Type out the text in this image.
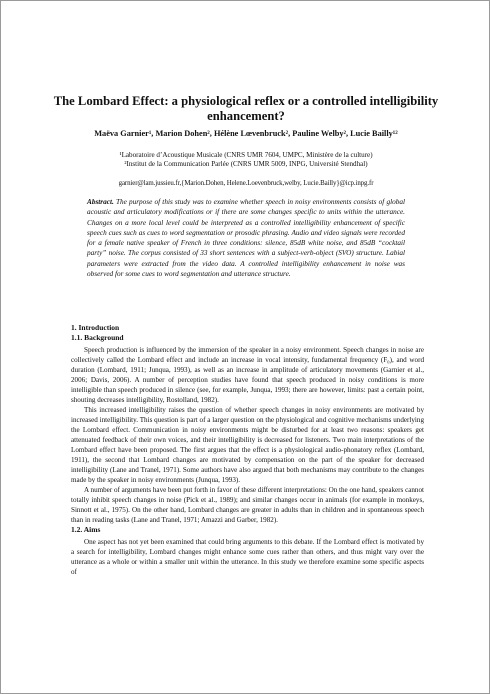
The Lombard Effect: a physiological reflex or a controlled intelligibility enhancement?
Maëva Garnier¹, Marion Dohen², Hélène Lœvenbruck², Pauline Welby², Lucie Bailly¹²
¹Laboratoire d’Acoustique Musicale (CNRS UMR 7604, UMPC, Ministère de la culture)
²Institut de la Communication Parlée (CNRS UMR 5009, INPG, Université Stendhal)
garnier@lam.jussieu.fr,{Marion.Dohen, Helene.Loevenbruck,welby, Lucie.Bailly}@icp.inpg.fr
Abstract. The purpose of this study was to examine whether speech in noisy environments consists of global acoustic and articulatory modifications or if there are some changes specific to units within the utterance. Changes on a more local level could be interpreted as a controlled intelligibility enhancement of specific speech cues such as cues to word segmentation or prosodic phrasing. Audio and video signals were recorded for a female native speaker of French in three conditions: silence, 85dB white noise, and 85dB “cocktail party” noise. The corpus consisted of 33 short sentences with a subject-verb-object (SVO) structure. Labial parameters were extracted from the video data. A controlled intelligibility enhancement in noise was observed for some cues to word segmentation and utterance structure.
1. Introduction
1.1. Background

Speech production is influenced by the immersion of the speaker in a noisy environment. Speech changes in noise are collectively called the Lombard effect and include an increase in vocal intensity, fundamental frequency (F₀), and word duration (Lombard, 1911; Junqua, 1993), as well as an increase in amplitude of articulatory movements (Garnier et al., 2006; Davis, 2006). A number of perception studies have found that speech produced in noisy conditions is more intelligible than speech produced in silence (see, for example, Junqua, 1993; there are however, limits: past a certain point, shouting decreases intelligibility, Rostolland, 1982).

This increased intelligibility raises the question of whether speech changes in noisy environments are motivated by increased intelligibility. This question is part of a larger question on the physiological and cognitive mechanisms underlying the Lombard effect. Communication in noisy environments might be disturbed for at least two reasons: speakers get attenuated feedback of their own voices, and their intelligibility is decreased for listeners. Two main interpretations of the Lombard effect have been proposed. The first argues that the effect is a physiological audio-phonatory reflex (Lombard, 1911), the second that Lombard changes are motivated by compensation on the part of the speaker for decreased intelligibility (Lane and Tranel, 1971). Some authors have also argued that both mechanisms may contribute to the changes made by the speaker in noisy environments (Junqua, 1993).

A number of arguments have been put forth in favor of these different interpretations: On the one hand, speakers cannot totally inhibit speech changes in noise (Pick et al., 1989); and similar changes occur in animals (for example in monkeys, Sinnott et al., 1975). On the other hand, Lombard changes are greater in adults than in children and in spontaneous speech than in reading tasks (Lane and Tranel, 1971; Amazzi and Garber, 1982).

1.2. Aims

One aspect has not yet been examined that could bring arguments to this debate. If the Lombard effect is motivated by a search for intelligibility, Lombard changes might enhance some cues rather than others, and thus might vary over the utterance as a whole or within a smaller unit within the utterance. In this study we therefore examine some specific aspects of
